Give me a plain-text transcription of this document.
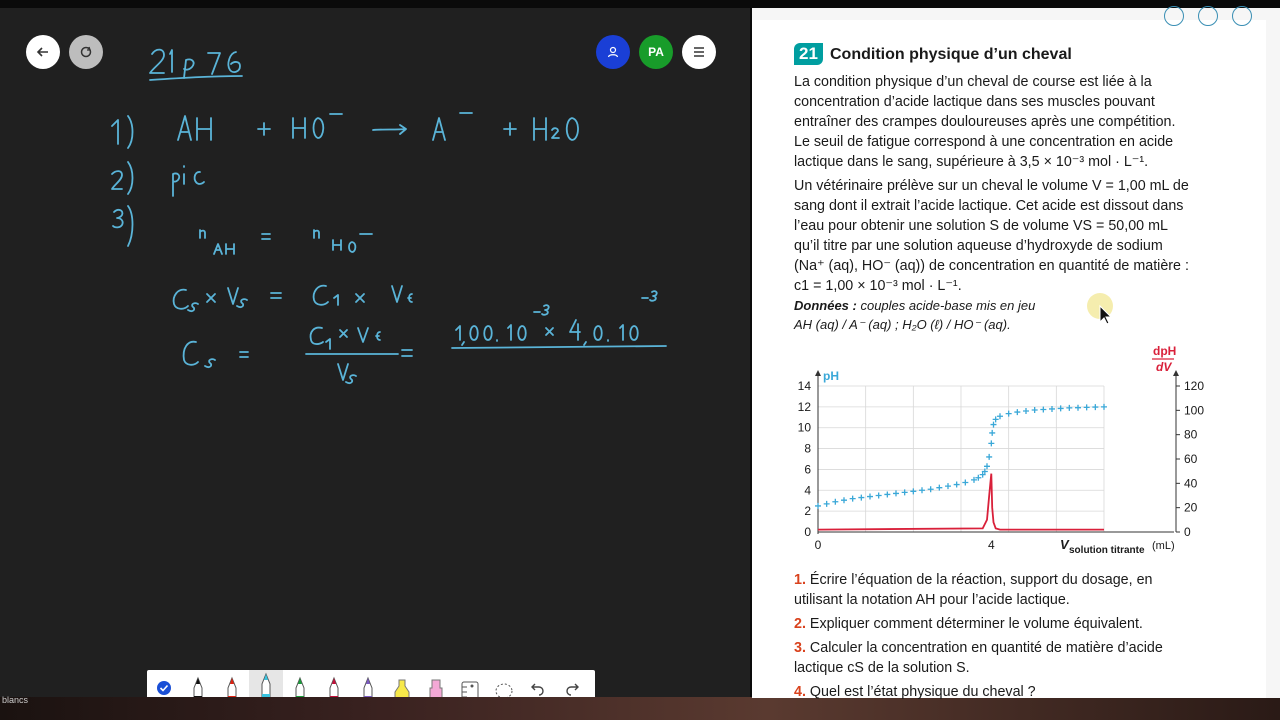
PA
blancs
21 Condition physique d’un cheval
La condition physique d’un cheval de course est liée à la
concentration d’acide lactique dans ses muscles pouvant
entraîner des crampes douloureuses après une compétition.
Le seuil de fatigue correspond à une concentration en acide
lactique dans le sang, supérieure à 3,5 × 10⁻³ mol · L⁻¹.
Un vétérinaire prélève sur un cheval le volume V = 1,00 mL de
sang dont il extrait l’acide lactique. Cet acide est dissout dans
l’eau pour obtenir une solution S de volume VS = 50,00 mL
qu’il titre par une solution aqueuse d’hydroxyde de sodium
(Na⁺ (aq), HO⁻ (aq)) de concentration en quantité de matière :
c1 = 1,00 × 10⁻³ mol · L⁻¹.
Données : couples acide-base mis en jeu
AH (aq) / A⁻ (aq) ; H₂O (ℓ) / HO⁻ (aq).
0
2
4
6
8
10
12
14
0
20
40
60
80
100
120
0	4
pH
dpH
dV
V solution titrante (mL)
1. Écrire l’équation de la réaction, support du dosage, en
utilisant la notation AH pour l’acide lactique.
2. Expliquer comment déterminer le volume équivalent.
3. Calculer la concentration en quantité de matière d’acide
lactique cS de la solution S.
4. Quel est l’état physique du cheval ?
